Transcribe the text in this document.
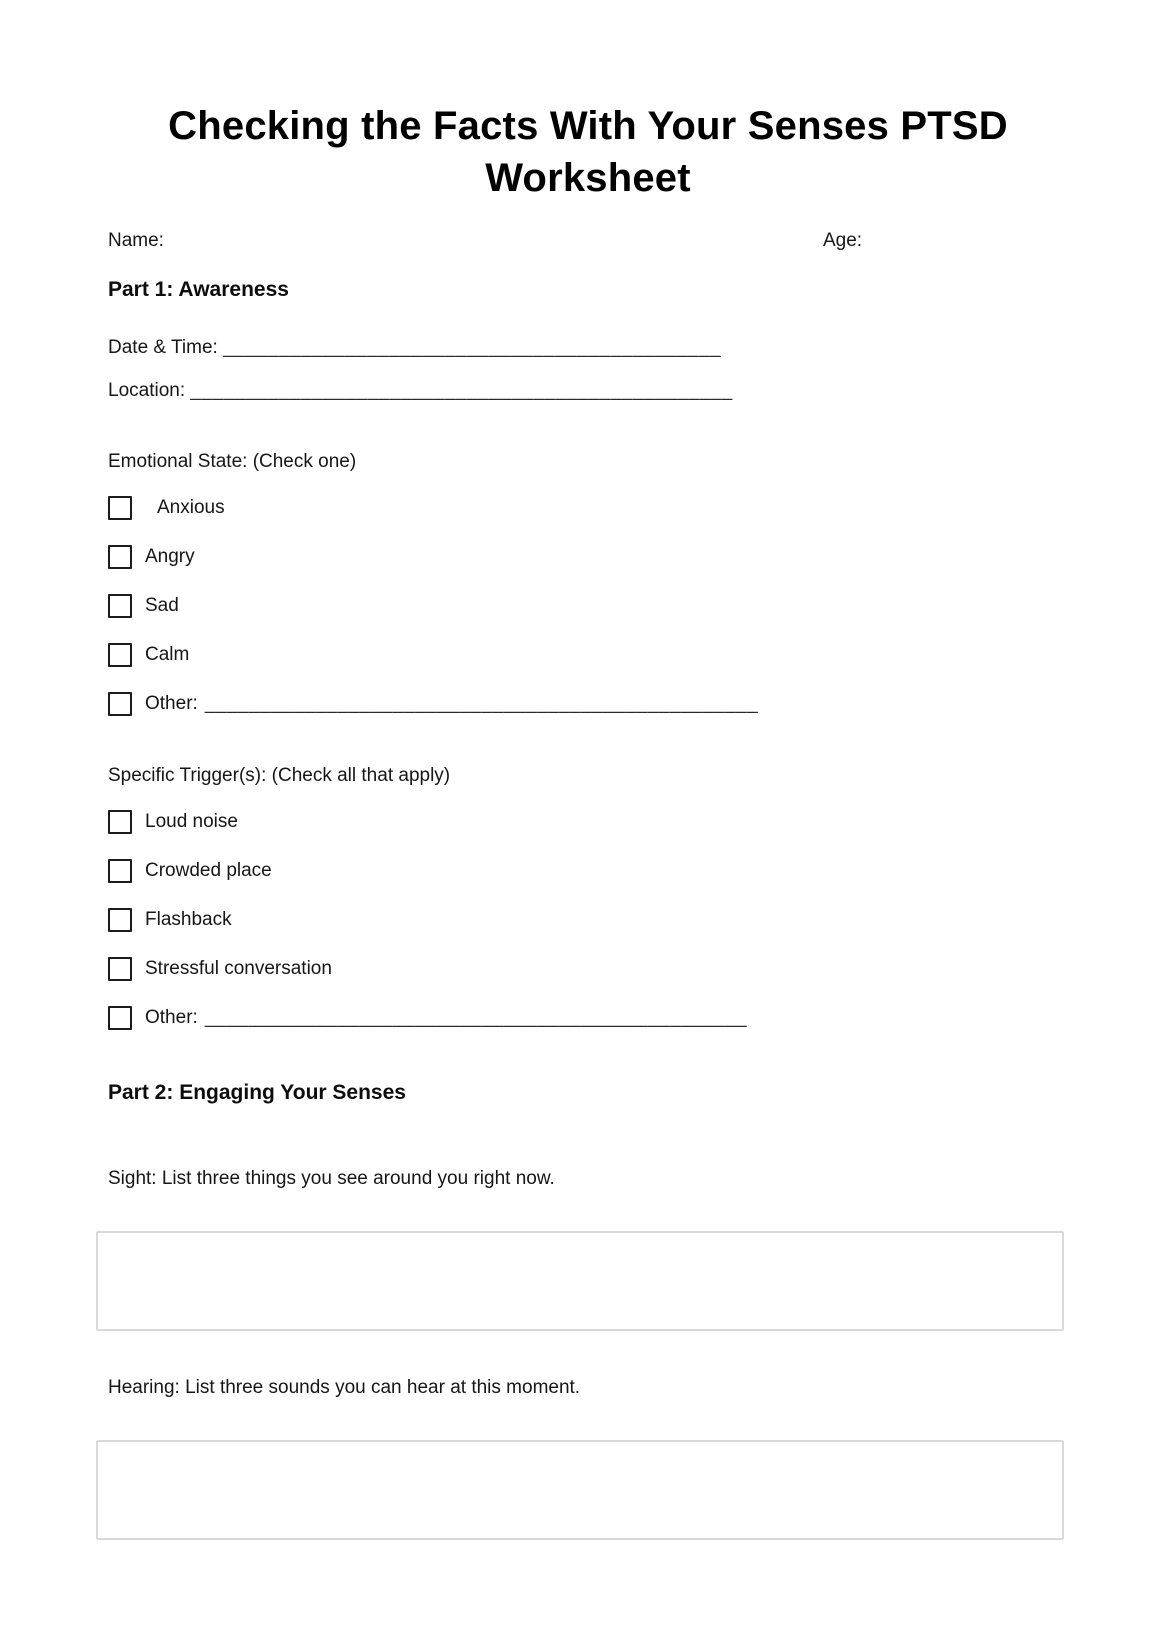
Checking the Facts With Your Senses PTSD Worksheet
Name:	Age:
Part 1: Awareness
Date & Time: _____________________________________________
Location: _________________________________________________
Emotional State: (Check one)
Anxious
Angry
Sad
Calm
Other: __________________________________________________
Specific Trigger(s): (Check all that apply)
Loud noise
Crowded place
Flashback
Stressful conversation
Other: _________________________________________________
Part 2: Engaging Your Senses
Sight: List three things you see around you right now.
Hearing: List three sounds you can hear at this moment.
